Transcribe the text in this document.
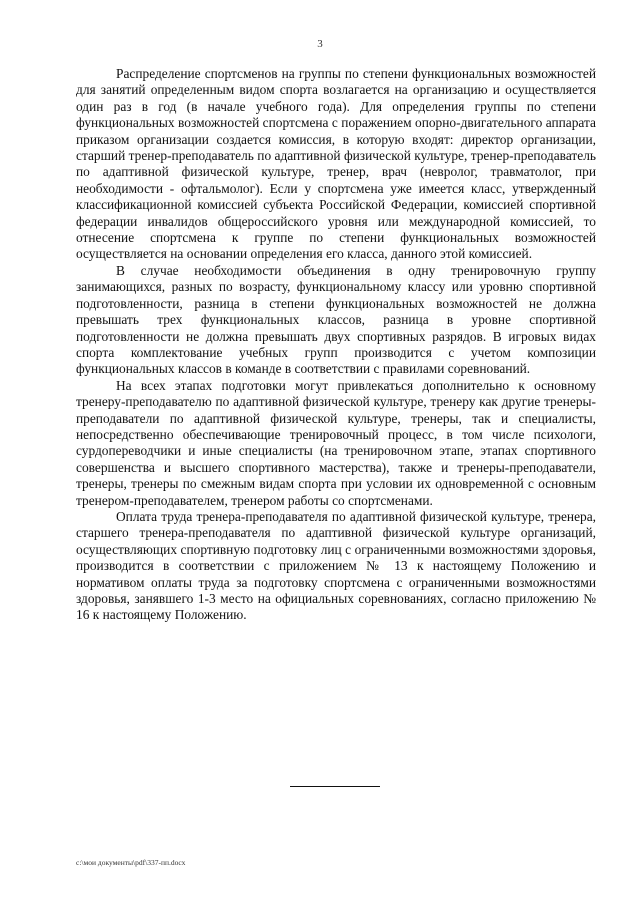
3

Распределение спортсменов на группы по степени функциональных возможностей для занятий определенным видом спорта возлагается на организацию и осуществляется один раз в год (в начале учебного года). Для определения группы по степени функциональных возможностей спортсмена с поражением опорно-двигательного аппарата приказом организации создается комиссия, в которую входят: директор организации, старший тренер-преподаватель по адаптивной физической культуре, тренер-преподаватель по адаптивной физической культуре, тренер, врач (невролог, травматолог, при необходимости - офтальмолог). Если у спортсмена уже имеется класс, утвержденный классификационной комиссией субъекта Российской Федерации, комиссией спортивной федерации инвалидов общероссийского уровня или международной комиссией, то отнесение спортсмена к группе по степени функциональных возможностей осуществляется на основании определения его класса, данного этой комиссией.

В случае необходимости объединения в одну тренировочную группу занимающихся, разных по возрасту, функциональному классу или уровню спортивной подготовленности, разница в степени функциональных возможностей не должна превышать трех функциональных классов, разница в уровне спортивной подготовленности не должна превышать двух спортивных разрядов. В игровых видах спорта комплектование учебных групп производится с учетом композиции функциональных классов в команде в соответствии с правилами соревнований.

На всех этапах подготовки могут привлекаться дополнительно к основному тренеру-преподавателю по адаптивной физической культуре, тренеру как другие тренеры-преподаватели по адаптивной физической культуре, тренеры, так и специалисты, непосредственно обеспечивающие тренировочный процесс, в том числе психологи, сурдопереводчики и иные специалисты (на тренировочном этапе, этапах спортивного совершенства и высшего спортивного мастерства), также и тренеры-преподаватели, тренеры, тренеры по смежным видам спорта при условии их одновременной с основным тренером-преподавателем, тренером работы со спортсменами.

Оплата труда тренера-преподавателя по адаптивной физической культуре, тренера, старшего тренера-преподавателя по адаптивной физической культуре организаций, осуществляющих спортивную подготовку лиц с ограниченными возможностями здоровья, производится в соответствии с приложением № 13 к настоящему Положению и нормативом оплаты труда за подготовку спортсмена с ограниченными возможностями здоровья, занявшего 1-3 место на официальных соревнованиях, согласно приложению № 16 к настоящему Положению.

c:\мои документы\pdf\337-пп.docx
